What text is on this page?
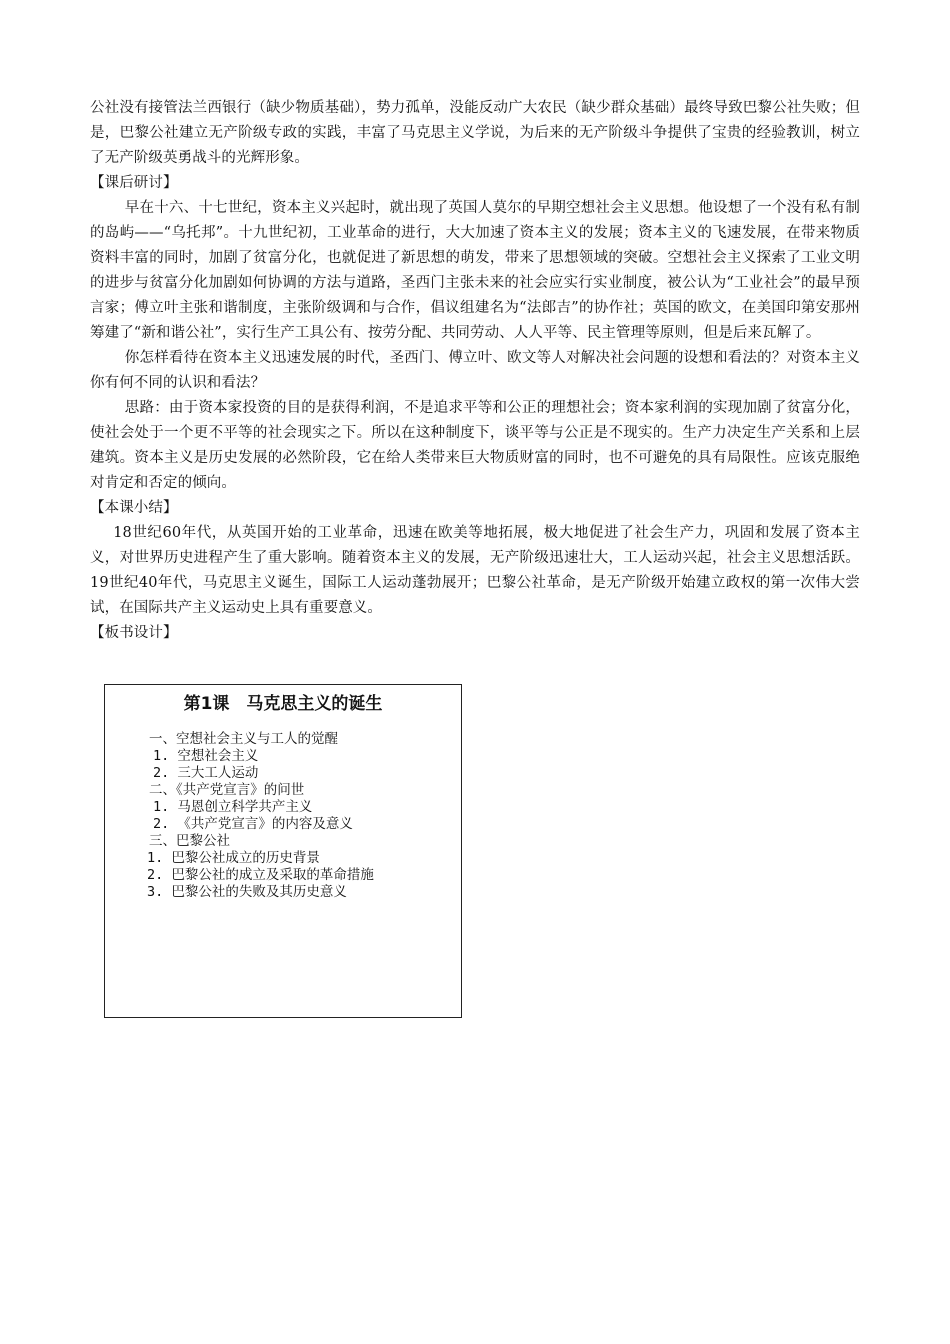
公社没有接管法兰西银行（缺少物质基础），势力孤单，没能反动广大农民（缺少群众基础）最终导致巴黎公社失败；但是，巴黎公社建立无产阶级专政的实践，丰富了马克思主义学说，为后来的无产阶级斗争提供了宝贵的经验教训，树立了无产阶级英勇战斗的光辉形象。

【课后研讨】

早在十六、十七世纪，资本主义兴起时，就出现了英国人莫尔的早期空想社会主义思想。他设想了一个没有私有制的岛屿——“乌托邦”。十九世纪初，工业革命的进行，大大加速了资本主义的发展；资本主义的飞速发展，在带来物质资料丰富的同时，加剧了贫富分化，也就促进了新思想的萌发，带来了思想领域的突破。空想社会主义探索了工业文明的进步与贫富分化加剧如何协调的方法与道路，圣西门主张未来的社会应实行实业制度，被公认为“工业社会”的最早预言家；傅立叶主张和谐制度，主张阶级调和与合作，倡议组建名为“法郎吉”的协作社；英国的欧文，在美国印第安那州筹建了“新和谐公社”，实行生产工具公有、按劳分配、共同劳动、人人平等、民主管理等原则，但是后来瓦解了。

你怎样看待在资本主义迅速发展的时代，圣西门、傅立叶、欧文等人对解决社会问题的设想和看法的？对资本主义你有何不同的认识和看法？

思路：由于资本家投资的目的是获得利润，不是追求平等和公正的理想社会；资本家利润的实现加剧了贫富分化，使社会处于一个更不平等的社会现实之下。所以在这种制度下，谈平等与公正是不现实的。生产力决定生产关系和上层建筑。资本主义是历史发展的必然阶段，它在给人类带来巨大物质财富的同时，也不可避免的具有局限性。应该克服绝对肯定和否定的倾向。

【本课小结】

18世纪60年代，从英国开始的工业革命，迅速在欧美等地拓展，极大地促进了社会生产力，巩固和发展了资本主义，对世界历史进程产生了重大影响。随着资本主义的发展，无产阶级迅速壮大，工人运动兴起，社会主义思想活跃。19世纪40年代，马克思主义诞生，国际工人运动蓬勃展开；巴黎公社革命，是无产阶级开始建立政权的第一次伟大尝试，在国际共产主义运动史上具有重要意义。

【板书设计】

第1课　马克思主义的诞生
一、空想社会主义与工人的觉醒
1. 空想社会主义
2. 三大工人运动
二、《共产党宣言》的问世
1. 马恩创立科学共产主义
2. 《共产党宣言》的内容及意义
三、巴黎公社
1. 巴黎公社成立的历史背景
2. 巴黎公社的成立及采取的革命措施
3. 巴黎公社的失败及其历史意义
